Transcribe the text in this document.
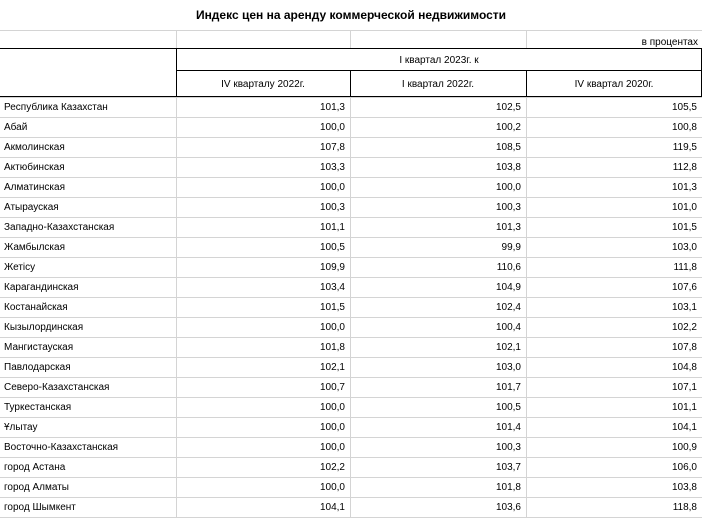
Индекс цен на аренду коммерческой недвижимости
в процентах
I квартал 2023г. к
IV кварталу 2022г.	I квартал 2022г.	IV квартал 2020г.
Республика Казахстан	101,3	102,5	105,5
Абай	100,0	100,2	100,8
Акмолинская	107,8	108,5	119,5
Актюбинская	103,3	103,8	112,8
Алматинская	100,0	100,0	101,3
Атырауская	100,3	100,3	101,0
Западно-Казахстанская	101,1	101,3	101,5
Жамбылская	100,5	99,9	103,0
Жетісу	109,9	110,6	111,8
Карагандинская	103,4	104,9	107,6
Костанайская	101,5	102,4	103,1
Кызылординская	100,0	100,4	102,2
Мангистауская	101,8	102,1	107,8
Павлодарская	102,1	103,0	104,8
Северо-Казахстанская	100,7	101,7	107,1
Туркестанская	100,0	100,5	101,1
Ұлытау	100,0	101,4	104,1
Восточно-Казахстанская	100,0	100,3	100,9
город Астана	102,2	103,7	106,0
город Алматы	100,0	101,8	103,8
город Шымкент	104,1	103,6	118,8
